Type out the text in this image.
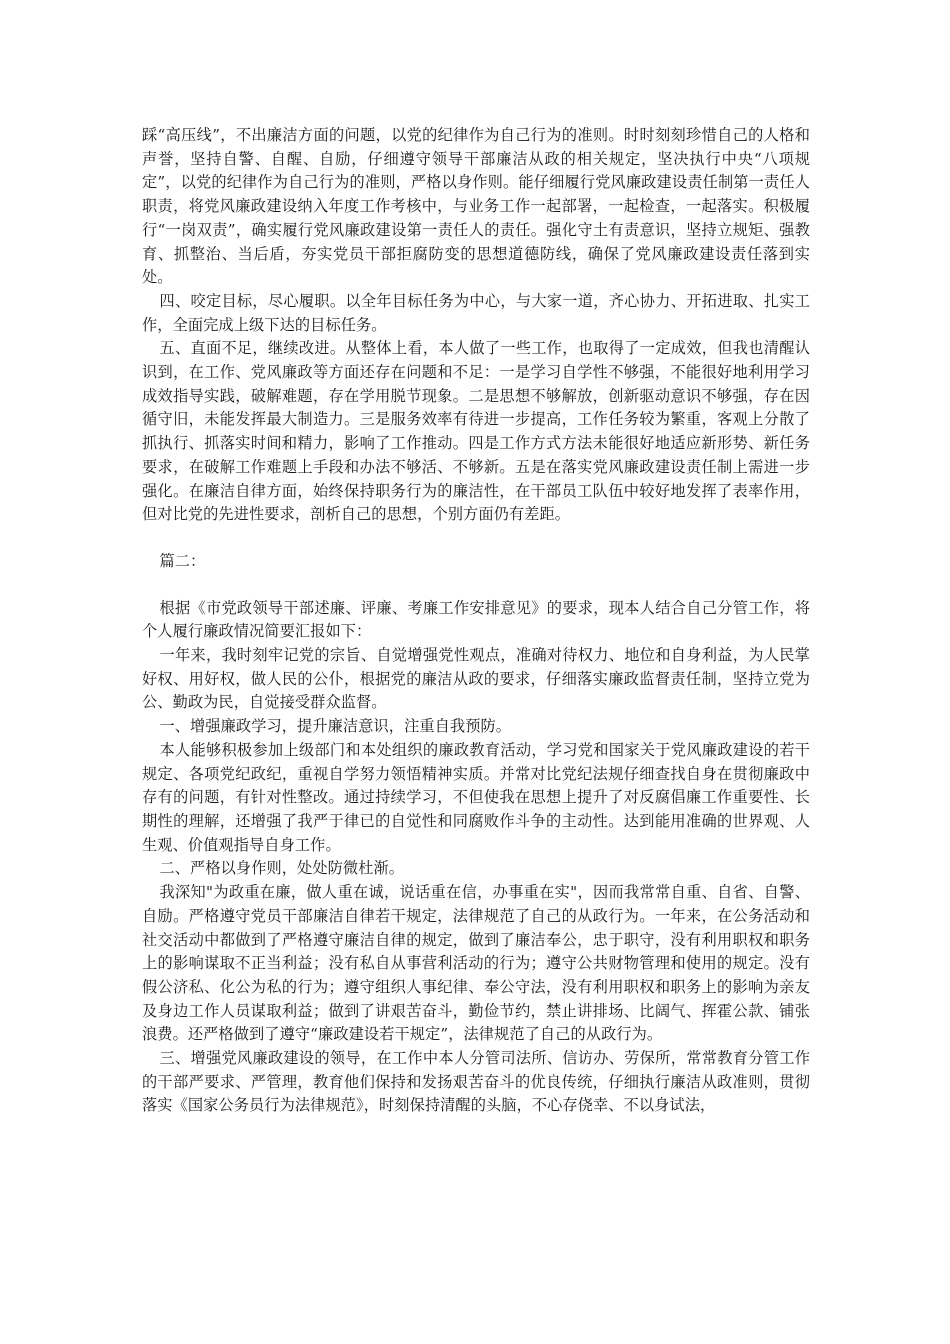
踩“高压线”，不出廉洁方面的问题，以党的纪律作为自己行为的准则。时时刻刻珍惜自己的人格和声誉，坚持自警、自醒、自励，仔细遵守领导干部廉洁从政的相关规定，坚决执行中央“八项规定”，以党的纪律作为自己行为的准则，严格以身作则。能仔细履行党风廉政建设责任制第一责任人职责，将党风廉政建设纳入年度工作考核中，与业务工作一起部署，一起检查，一起落实。积极履行“一岗双责”，确实履行党风廉政建设第一责任人的责任。强化守土有责意识，坚持立规矩、强教育、抓整治、当后盾，夯实党员干部拒腐防变的思想道德防线，确保了党风廉政建设责任落到实处。

四、咬定目标，尽心履职。以全年目标任务为中心，与大家一道，齐心协力、开拓进取、扎实工作，全面完成上级下达的目标任务。

五、直面不足，继续改进。从整体上看，本人做了一些工作，也取得了一定成效，但我也清醒认识到，在工作、党风廉政等方面还存在问题和不足：一是学习自学性不够强，不能很好地利用学习成效指导实践，破解难题，存在学用脱节现象。二是思想不够解放，创新驱动意识不够强，存在因循守旧，未能发挥最大制造力。三是服务效率有待进一步提高，工作任务较为繁重，客观上分散了抓执行、抓落实时间和精力，影响了工作推动。四是工作方式方法未能很好地适应新形势、新任务要求，在破解工作难题上手段和办法不够活、不够新。五是在落实党风廉政建设责任制上需进一步强化。在廉洁自律方面，始终保持职务行为的廉洁性，在干部员工队伍中较好地发挥了表率作用，但对比党的先进性要求，剖析自己的思想，个别方面仍有差距。

篇二：

根据《市党政领导干部述廉、评廉、考廉工作安排意见》的要求，现本人结合自己分管工作，将个人履行廉政情况简要汇报如下：

一年来，我时刻牢记党的宗旨、自觉增强党性观点，准确对待权力、地位和自身利益，为人民掌好权、用好权，做人民的公仆，根据党的廉洁从政的要求，仔细落实廉政监督责任制，坚持立党为公、勤政为民，自觉接受群众监督。

一、增强廉政学习，提升廉洁意识，注重自我预防。

本人能够积极参加上级部门和本处组织的廉政教育活动，学习党和国家关于党风廉政建设的若干规定、各项党纪政纪，重视自学努力领悟精神实质。并常对比党纪法规仔细查找自身在贯彻廉政中存有的问题，有针对性整改。通过持续学习，不但使我在思想上提升了对反腐倡廉工作重要性、长期性的理解，还增强了我严于律已的自觉性和同腐败作斗争的主动性。达到能用准确的世界观、人生观、价值观指导自身工作。

二、严格以身作则，处处防微杜渐。

我深知"为政重在廉，做人重在诚，说话重在信，办事重在实"，因而我常常自重、自省、自警、自励。严格遵守党员干部廉洁自律若干规定，法律规范了自己的从政行为。一年来，在公务活动和社交活动中都做到了严格遵守廉洁自律的规定，做到了廉洁奉公，忠于职守，没有利用职权和职务上的影响谋取不正当利益；没有私自从事营利活动的行为；遵守公共财物管理和使用的规定。没有假公济私、化公为私的行为；遵守组织人事纪律、奉公守法，没有利用职权和职务上的影响为亲友及身边工作人员谋取利益；做到了讲艰苦奋斗，勤俭节约，禁止讲排场、比阔气、挥霍公款、铺张浪费。还严格做到了遵守“廉政建设若干规定”，法律规范了自己的从政行为。

三、增强党风廉政建设的领导，在工作中本人分管司法所、信访办、劳保所，常常教育分管工作的干部严要求、严管理，教育他们保持和发扬艰苦奋斗的优良传统，仔细执行廉洁从政准则，贯彻落实《国家公务员行为法律规范》，时刻保持清醒的头脑，不心存侥幸、不以身试法，
